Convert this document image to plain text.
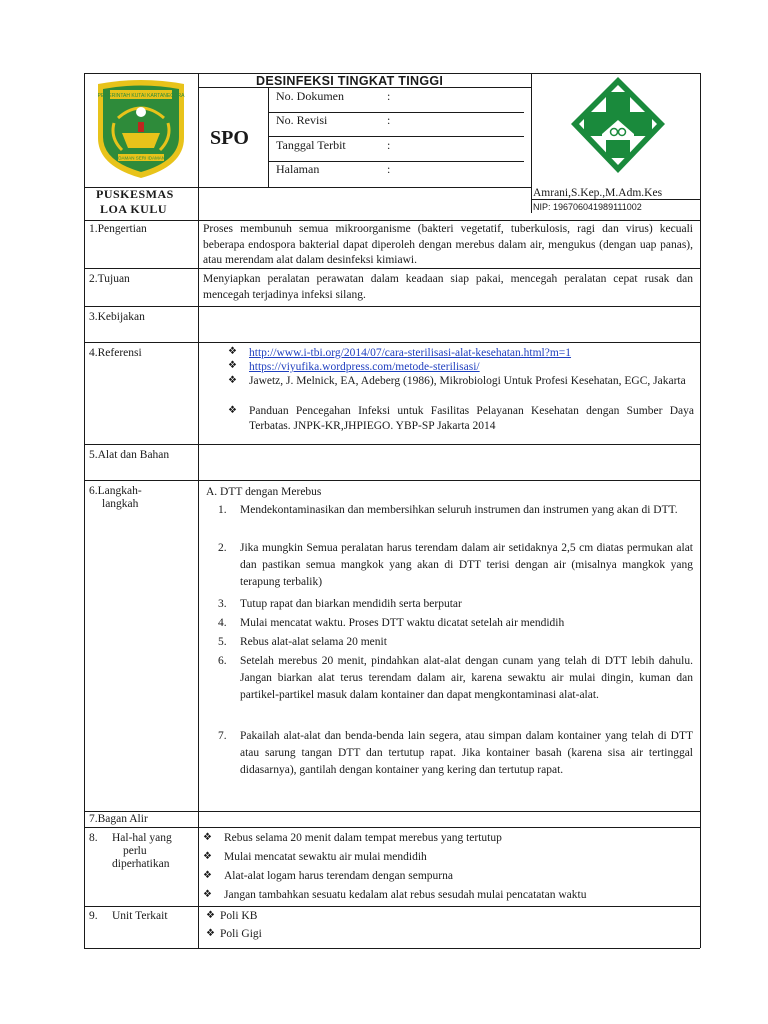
PEMERINTAH KUTAI KARTANEGARA
IDAMAN SERI IDAMAN
DESINFEKSI TINGKAT TINGGI
SPO
No. Dokumen	:
No. Revisi	:
Tanggal Terbit	:
Halaman	:
PUSKESMAS
LOA KULU
Amrani,S.Kep.,M.Adm.Kes
NIP: 196706041989111002
1.Pengertian	Proses membunuh semua mikroorganisme (bakteri vegetatif, tuberkulosis, ragi dan virus) kecuali beberapa endospora bakterial dapat diperoleh dengan merebus dalam air, mengukus (dengan uap panas), atau merendam alat dalam desinfeksi kimiawi.
2.Tujuan	Menyiapkan peralatan perawatan dalam keadaan siap pakai, mencegah peralatan cepat rusak dan mencegah terjadinya infeksi silang.
3.Kebijakan
4.Referensi	❖ http://www.i-tbi.org/2014/07/cara-sterilisasi-alat-kesehatan.html?m=1
❖ https://viyufika.wordpress.com/metode-sterilisasi/
❖ Jawetz, J. Melnick, EA, Adeberg (1986), Mikrobiologi Untuk Profesi Kesehatan, EGC, Jakarta
❖ Panduan Pencegahan Infeksi untuk Fasilitas Pelayanan Kesehatan dengan Sumber Daya Terbatas. JNPK-KR,JHPIEGO. YBP-SP Jakarta 2014
5.Alat dan Bahan
6.Langkah-
langkah
A. DTT dengan Merebus
1. Mendekontaminasikan dan membersihkan seluruh instrumen dan instrumen yang akan di DTT.
2. Jika mungkin Semua peralatan harus terendam dalam air setidaknya 2,5 cm diatas permukan alat dan pastikan semua mangkok yang akan di DTT terisi dengan air (misalnya mangkok yang terapung terbalik)
3. Tutup rapat dan biarkan mendidih serta berputar
4. Mulai mencatat waktu. Proses DTT waktu dicatat setelah air mendidih
5. Rebus alat-alat selama 20 menit
6. Setelah merebus 20 menit, pindahkan alat-alat dengan cunam yang telah di DTT lebih dahulu. Jangan biarkan alat terus terendam dalam air, karena sewaktu air mulai dingin, kuman dan partikel-partikel masuk dalam kontainer dan dapat mengkontaminasi alat-alat.
7. Pakailah alat-alat dan benda-benda lain segera, atau simpan dalam kontainer yang telah di DTT atau sarung tangan DTT dan tertutup rapat. Jika kontainer basah (karena sisa air tertinggal didasarnya), gantilah dengan kontainer yang kering dan tertutup rapat.
7.Bagan Alir
8. Hal-hal yang
perlu
diperhatikan
❖ Rebus selama 20 menit dalam tempat merebus yang tertutup
❖ Mulai mencatat sewaktu air mulai mendidih
❖ Alat-alat logam harus terendam dengan sempurna
❖ Jangan tambahkan sesuatu kedalam alat rebus sesudah mulai pencatatan waktu
9. Unit Terkait	❖ Poli KB
❖ Poli Gigi
